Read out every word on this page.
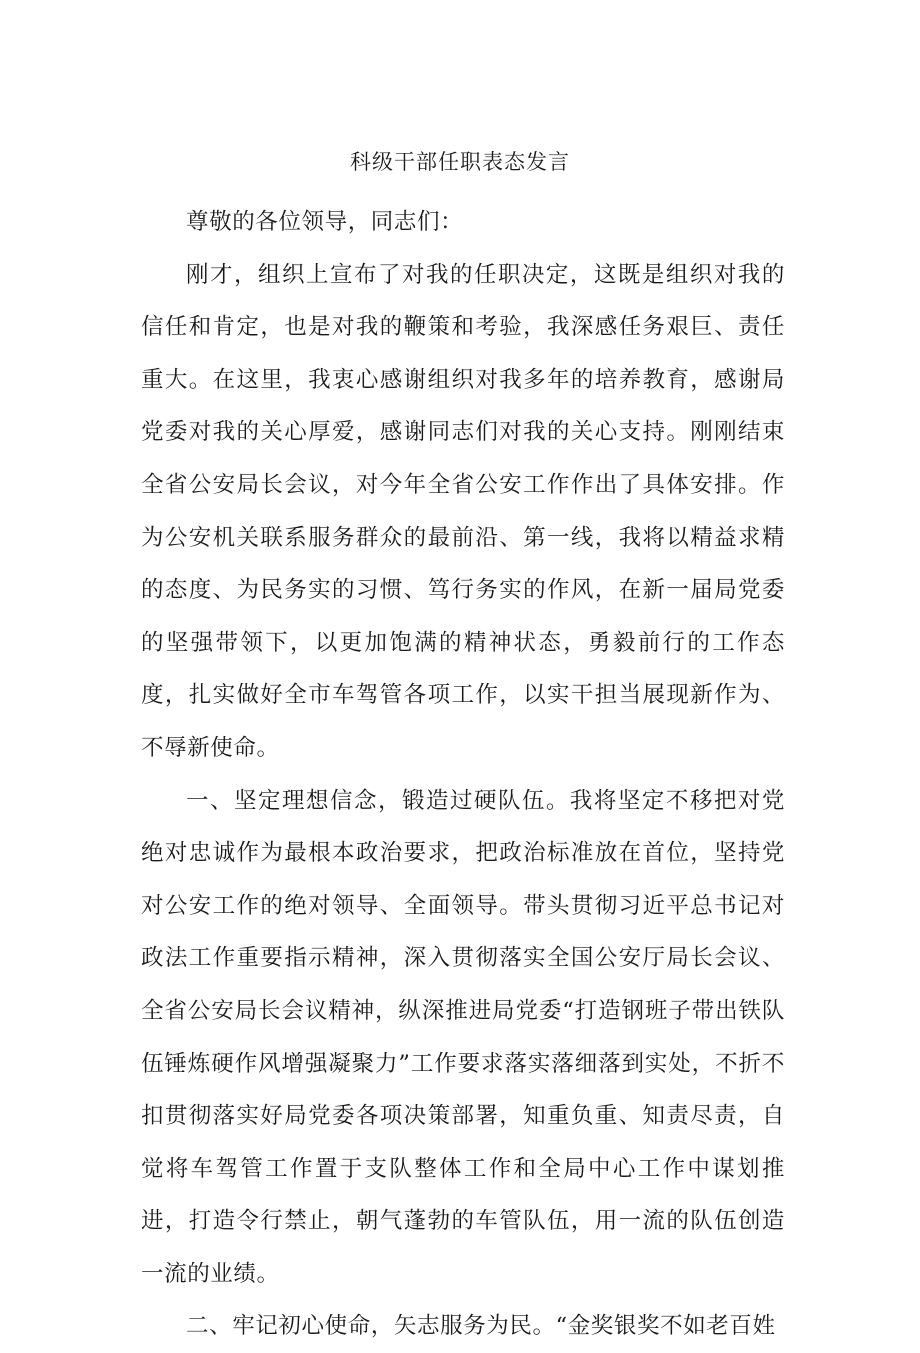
科级干部任职表态发言

尊敬的各位领导，同志们：

刚才，组织上宣布了对我的任职决定，这既是组织对我的信任和肯定，也是对我的鞭策和考验，我深感任务艰巨、责任重大。在这里，我衷心感谢组织对我多年的培养教育，感谢局党委对我的关心厚爱，感谢同志们对我的关心支持。刚刚结束全省公安局长会议，对今年全省公安工作作出了具体安排。作为公安机关联系服务群众的最前沿、第一线，我将以精益求精的态度、为民务实的习惯、笃行务实的作风，在新一届局党委的坚强带领下，以更加饱满的精神状态，勇毅前行的工作态度，扎实做好全市车驾管各项工作，以实干担当展现新作为、不辱新使命。

一、坚定理想信念，锻造过硬队伍。我将坚定不移把对党绝对忠诚作为最根本政治要求，把政治标准放在首位，坚持党对公安工作的绝对领导、全面领导。带头贯彻习近平总书记对政法工作重要指示精神，深入贯彻落实全国公安厅局长会议、全省公安局长会议精神，纵深推进局党委“打造钢班子带出铁队伍锤炼硬作风增强凝聚力”工作要求落实落细落到实处，不折不扣贯彻落实好局党委各项决策部署，知重负重、知责尽责，自觉将车驾管工作置于支队整体工作和全局中心工作中谋划推进，打造令行禁止，朝气蓬勃的车管队伍，用一流的队伍创造一流的业绩。

二、牢记初心使命，矢志服务为民。“金奖银奖不如老百姓
